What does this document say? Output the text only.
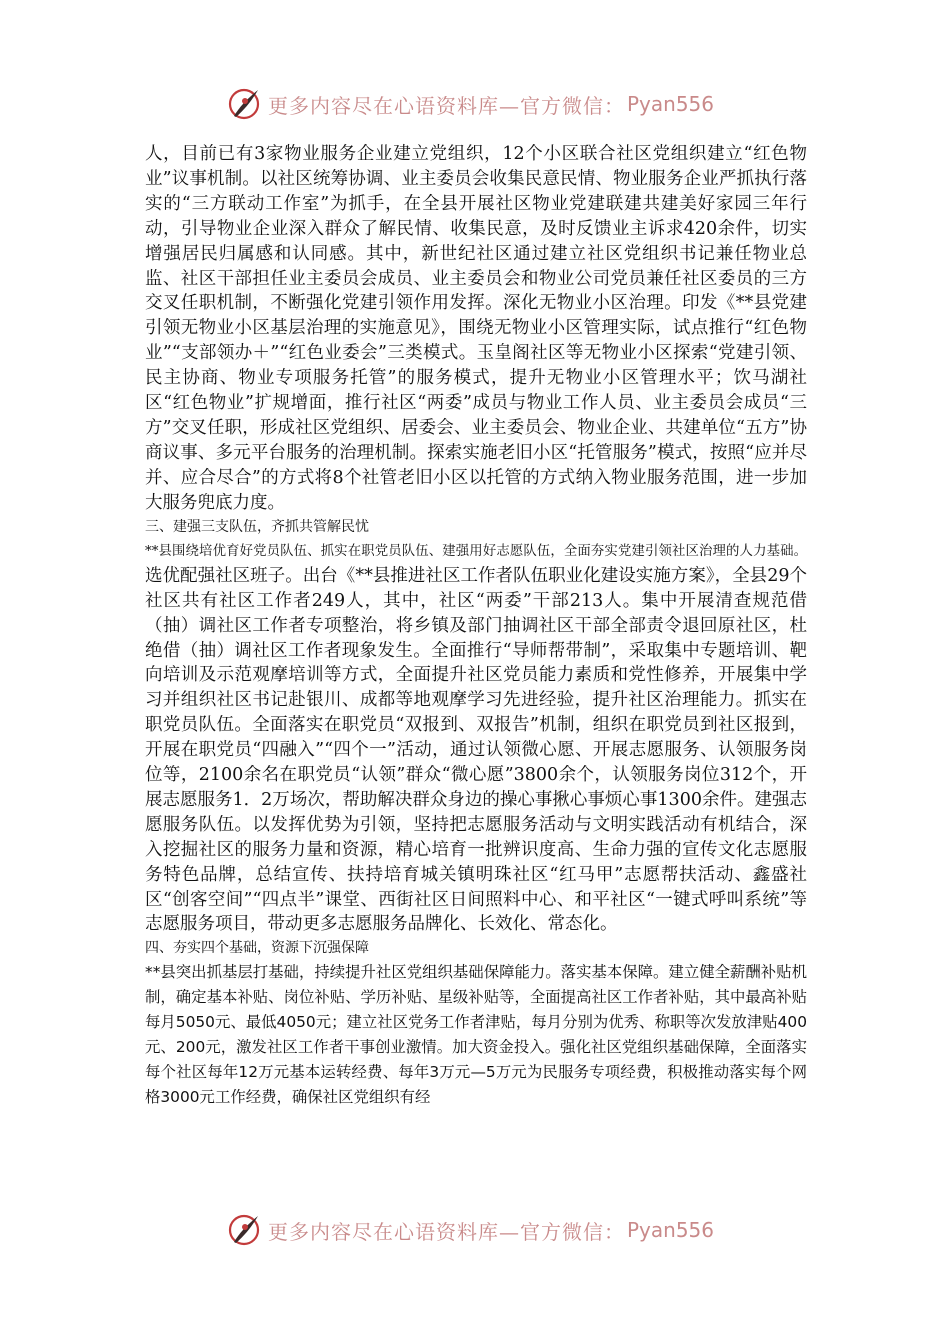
更多内容尽在心语资料库—官方微信： Pyan556

人，目前已有3家物业服务企业建立党组织，12个小区联合社区党组织建立“红色物业”议事机制。以社区统筹协调、业主委员会收集民意民情、物业服务企业严抓执行落实的“三方联动工作室”为抓手，在全县开展社区物业党建联建共建美好家园三年行动，引导物业企业深入群众了解民情、收集民意，及时反馈业主诉求420余件，切实增强居民归属感和认同感。其中，新世纪社区通过建立社区党组织书记兼任物业总监、社区干部担任业主委员会成员、业主委员会和物业公司党员兼任社区委员的三方交叉任职机制，不断强化党建引领作用发挥。深化无物业小区治理。印发《**县党建引领无物业小区基层治理的实施意见》，围绕无物业小区管理实际，试点推行“红色物业”“支部领办＋”“红色业委会”三类模式。玉皇阁社区等无物业小区探索“党建引领、民主协商、物业专项服务托管”的服务模式，提升无物业小区管理水平；饮马湖社区“红色物业”扩规增面，推行社区“两委”成员与物业工作人员、业主委员会成员“三方”交叉任职，形成社区党组织、居委会、业主委员会、物业企业、共建单位“五方”协商议事、多元平台服务的治理机制。探索实施老旧小区“托管服务”模式，按照“应并尽并、应合尽合”的方式将8个社管老旧小区以托管的方式纳入物业服务范围，进一步加大服务兜底力度。

三、建强三支队伍，齐抓共管解民忧

**县围绕培优育好党员队伍、抓实在职党员队伍、建强用好志愿队伍，全面夯实党建引领社区治理的人力基础。选优配强社区班子。出台《**县推进社区工作者队伍职业化建设实施方案》，全县29个社区共有社区工作者249人，其中，社区“两委”干部213人。集中开展清查规范借（抽）调社区工作者专项整治，将乡镇及部门抽调社区干部全部责令退回原社区，杜绝借（抽）调社区工作者现象发生。全面推行“导师帮带制”，采取集中专题培训、靶向培训及示范观摩培训等方式，全面提升社区党员能力素质和党性修养，开展集中学习并组织社区书记赴银川、成都等地观摩学习先进经验，提升社区治理能力。抓实在职党员队伍。全面落实在职党员“双报到、双报告”机制，组织在职党员到社区报到，开展在职党员“四融入”“四个一”活动，通过认领微心愿、开展志愿服务、认领服务岗位等，2100余名在职党员“认领”群众“微心愿”3800余个，认领服务岗位312个，开展志愿服务1．2万场次，帮助解决群众身边的操心事揪心事烦心事1300余件。建强志愿服务队伍。以发挥优势为引领，坚持把志愿服务活动与文明实践活动有机结合，深入挖掘社区的服务力量和资源，精心培育一批辨识度高、生命力强的宣传文化志愿服务特色品牌，总结宣传、扶持培育城关镇明珠社区“红马甲”志愿帮扶活动、鑫盛社区“创客空间”“四点半”课堂、西街社区日间照料中心、和平社区“一键式呼叫系统”等志愿服务项目，带动更多志愿服务品牌化、长效化、常态化。

四、夯实四个基础，资源下沉强保障

**县突出抓基层打基础，持续提升社区党组织基础保障能力。落实基本保障。建立健全薪酬补贴机制，确定基本补贴、岗位补贴、学历补贴、星级补贴等，全面提高社区工作者补贴，其中最高补贴每月5050元、最低4050元；建立社区党务工作者津贴，每月分别为优秀、称职等次发放津贴400元、200元，激发社区工作者干事创业激情。加大资金投入。强化社区党组织基础保障，全面落实每个社区每年12万元基本运转经费、每年3万元—5万元为民服务专项经费，积极推动落实每个网格3000元工作经费，确保社区党组织有经

更多内容尽在心语资料库—官方微信： Pyan556
